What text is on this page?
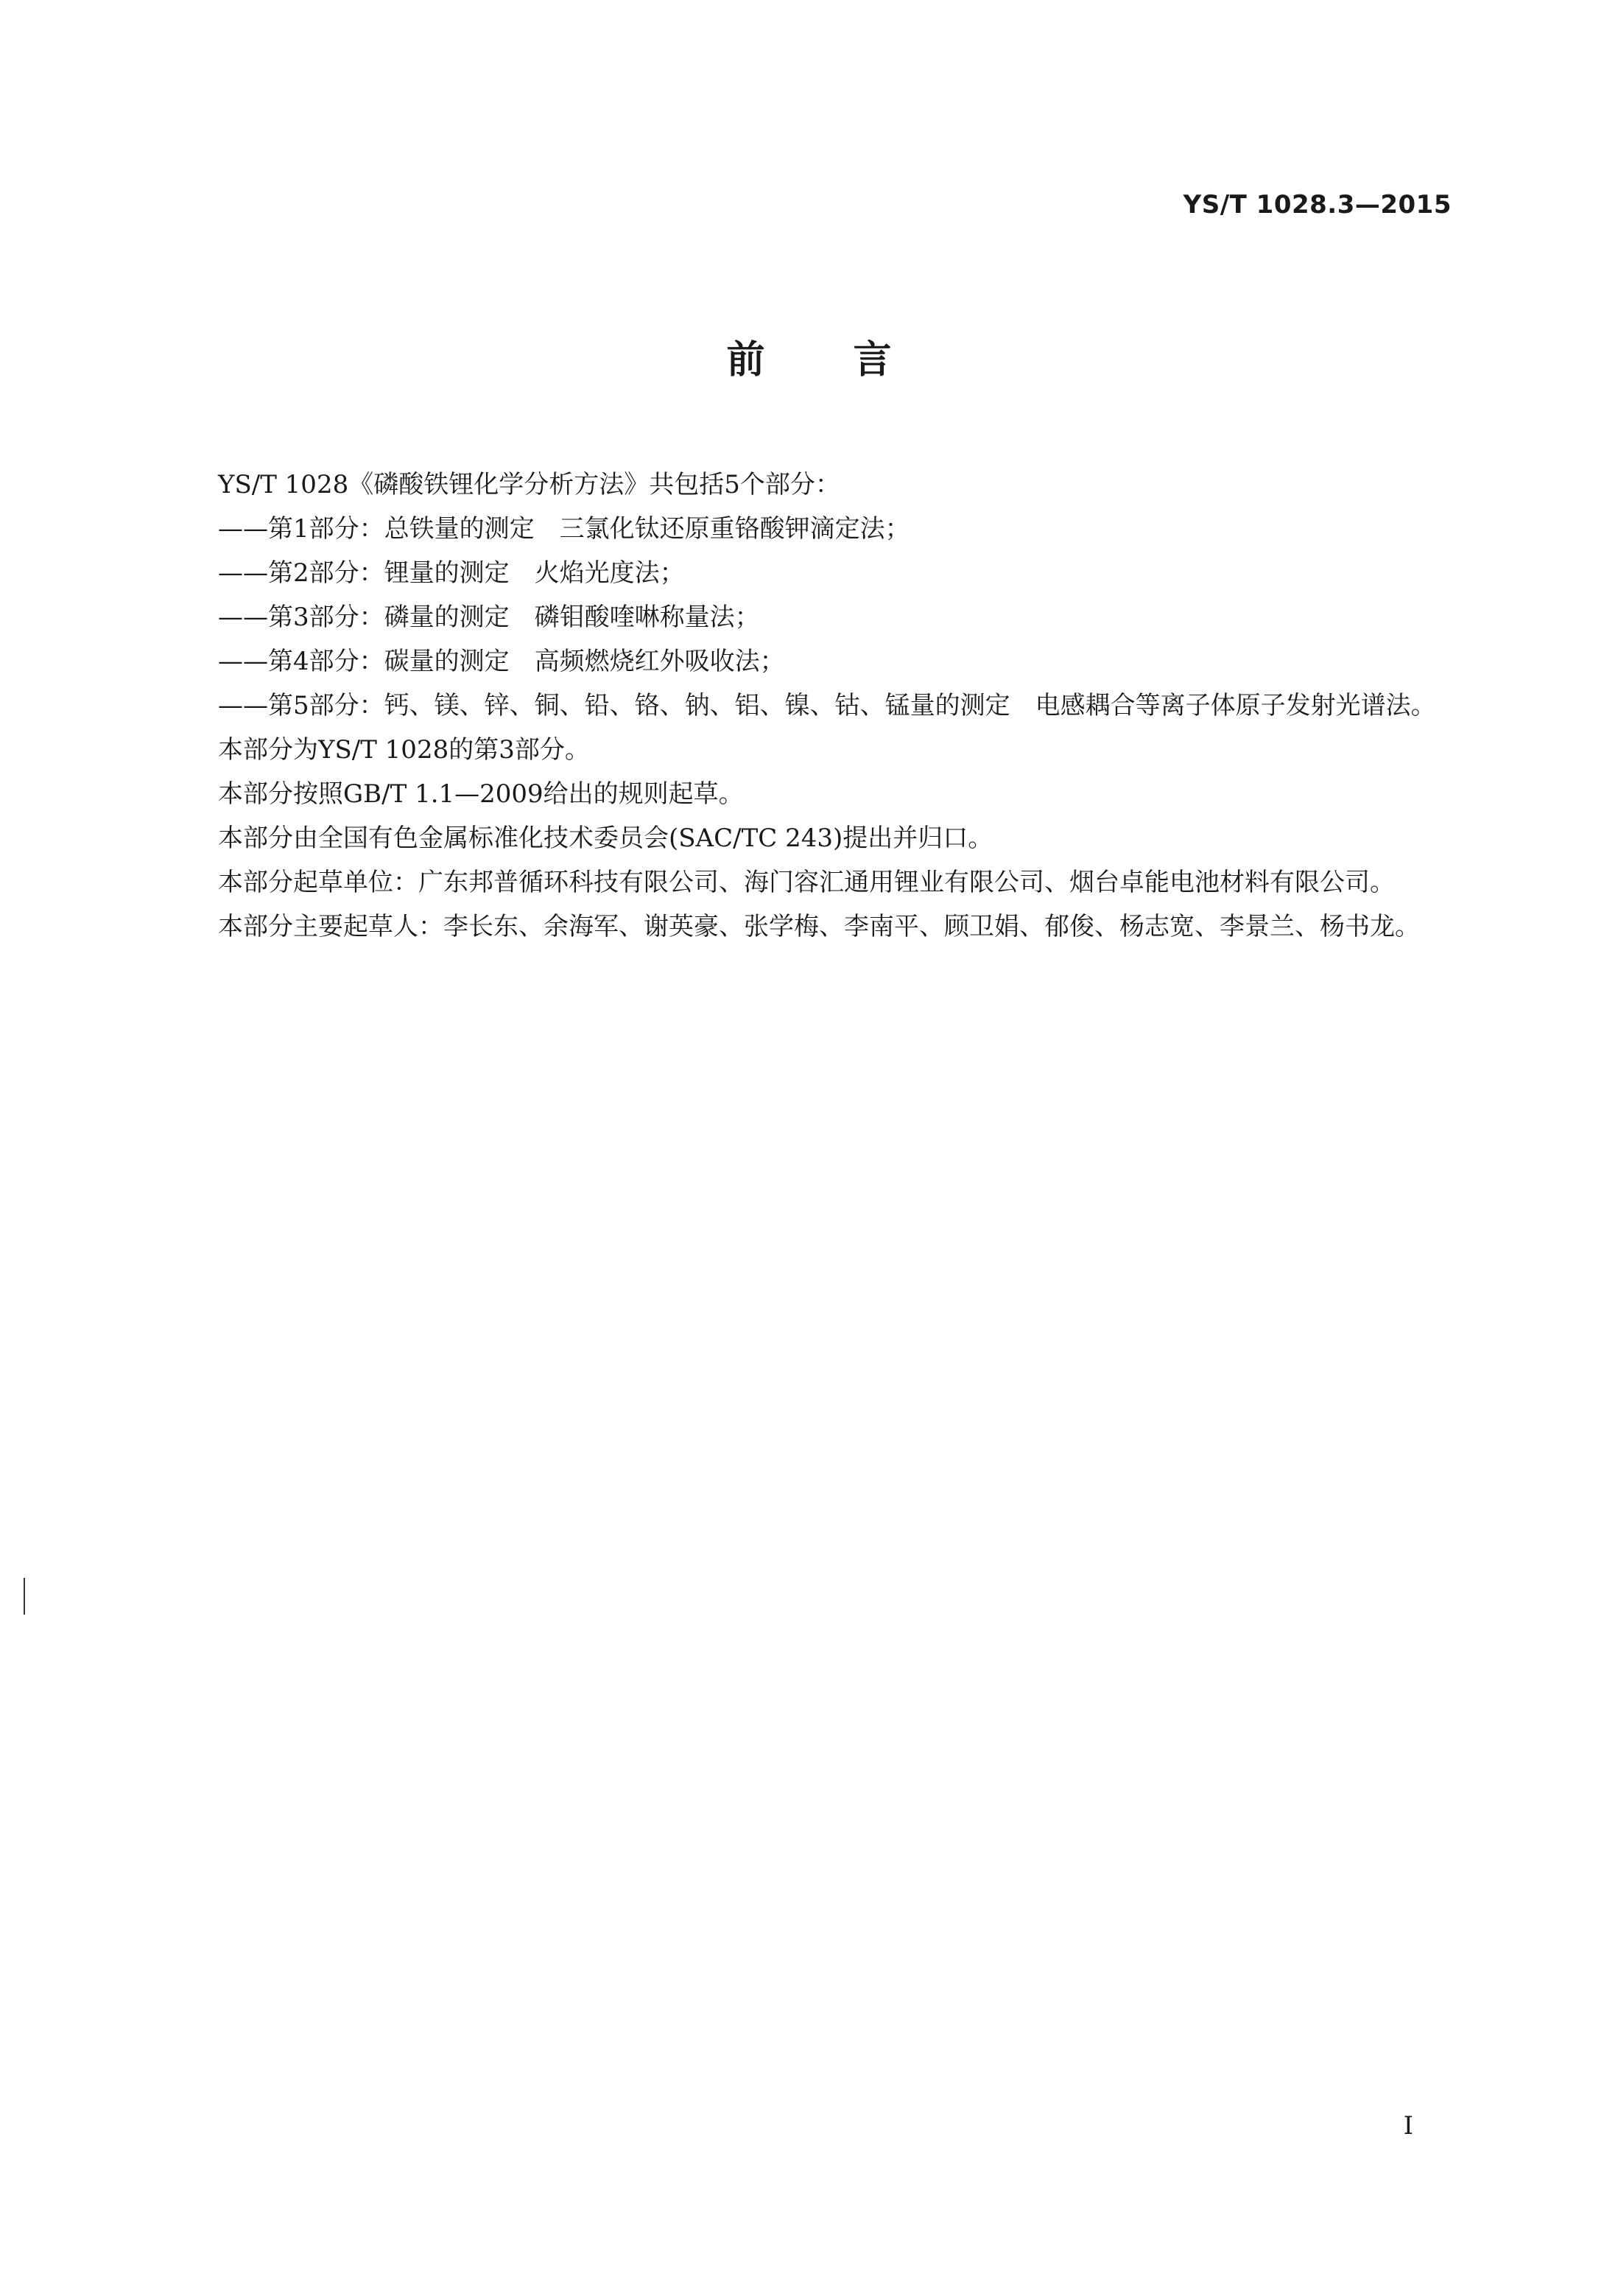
YS/T 1028.3—2015
前言

YS/T 1028《磷酸铁锂化学分析方法》共包括5个部分：

——第1部分：总铁量的测定　三氯化钛还原重铬酸钾滴定法；

——第2部分：锂量的测定　火焰光度法；

——第3部分：磷量的测定　磷钼酸喹啉称量法；

——第4部分：碳量的测定　高频燃烧红外吸收法；

——第5部分：钙、镁、锌、铜、铅、铬、钠、铝、镍、钴、锰量的测定　电感耦合等离子体原子发射光谱法。

本部分为YS/T 1028的第3部分。

本部分按照GB/T 1.1—2009给出的规则起草。

本部分由全国有色金属标准化技术委员会(SAC/TC 243)提出并归口。

本部分起草单位：广东邦普循环科技有限公司、海门容汇通用锂业有限公司、烟台卓能电池材料有限公司。

本部分主要起草人：李长东、余海军、谢英豪、张学梅、李南平、顾卫娟、郁俊、杨志宽、李景兰、杨书龙。

I
